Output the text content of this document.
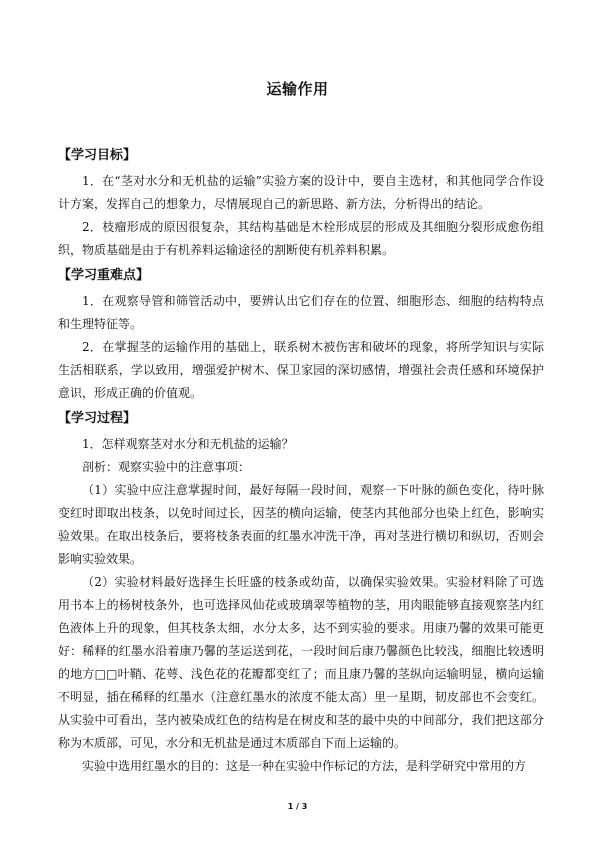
运输作用
【学习目标】

1．在“茎对水分和无机盐的运输”实验方案的设计中，要自主选材，和其他同学合作设计方案，发挥自己的想象力，尽情展现自己的新思路、新方法，分析得出的结论。

2．枝瘤形成的原因很复杂，其结构基础是木栓形成层的形成及其细胞分裂形成愈伤组织，物质基础是由于有机养料运输途径的割断使有机养料积累。

【学习重难点】

1．在观察导管和筛管活动中，要辨认出它们存在的位置、细胞形态、细胞的结构特点和生理特征等。

2．在掌握茎的运输作用的基础上，联系树木被伤害和破坏的现象，将所学知识与实际生活相联系，学以致用，增强爱护树木、保卫家园的深切感情，增强社会责任感和环境保护意识，形成正确的价值观。

【学习过程】

1．怎样观察茎对水分和无机盐的运输？

剖析：观察实验中的注意事项：

（1）实验中应注意掌握时间，最好每隔一段时间，观察一下叶脉的颜色变化，待叶脉变红时即取出枝条，以免时间过长，因茎的横向运输，使茎内其他部分也染上红色，影响实验效果。在取出枝条后，要将枝条表面的红墨水冲洗干净，再对茎进行横切和纵切，否则会影响实验效果。

（2）实验材料最好选择生长旺盛的枝条或幼苗，以确保实验效果。实验材料除了可选用书本上的杨树枝条外，也可选择凤仙花或玻璃翠等植物的茎，用肉眼能够直接观察茎内红色液体上升的现象，但其枝条太细，水分太多，达不到实验的要求。用康乃馨的效果可能更好：稀释的红墨水沿着康乃馨的茎运送到花，一段时间后康乃馨颜色比较浅，细胞比较透明的地方□□叶鞘、花萼、浅色花的花瓣都变红了；而且康乃馨的茎纵向运输明显，横向运输不明显，插在稀释的红墨水（注意红墨水的浓度不能太高）里一星期，韧皮部也不会变红。从实验中可看出，茎内被染成红色的结构是在树皮和茎的最中央的中间部分，我们把这部分称为木质部，可见，水分和无机盐是通过木质部自下而上运输的。

实验中选用红墨水的目的：这是一种在实验中作标记的方法，是科学研究中常用的方

1 / 3
